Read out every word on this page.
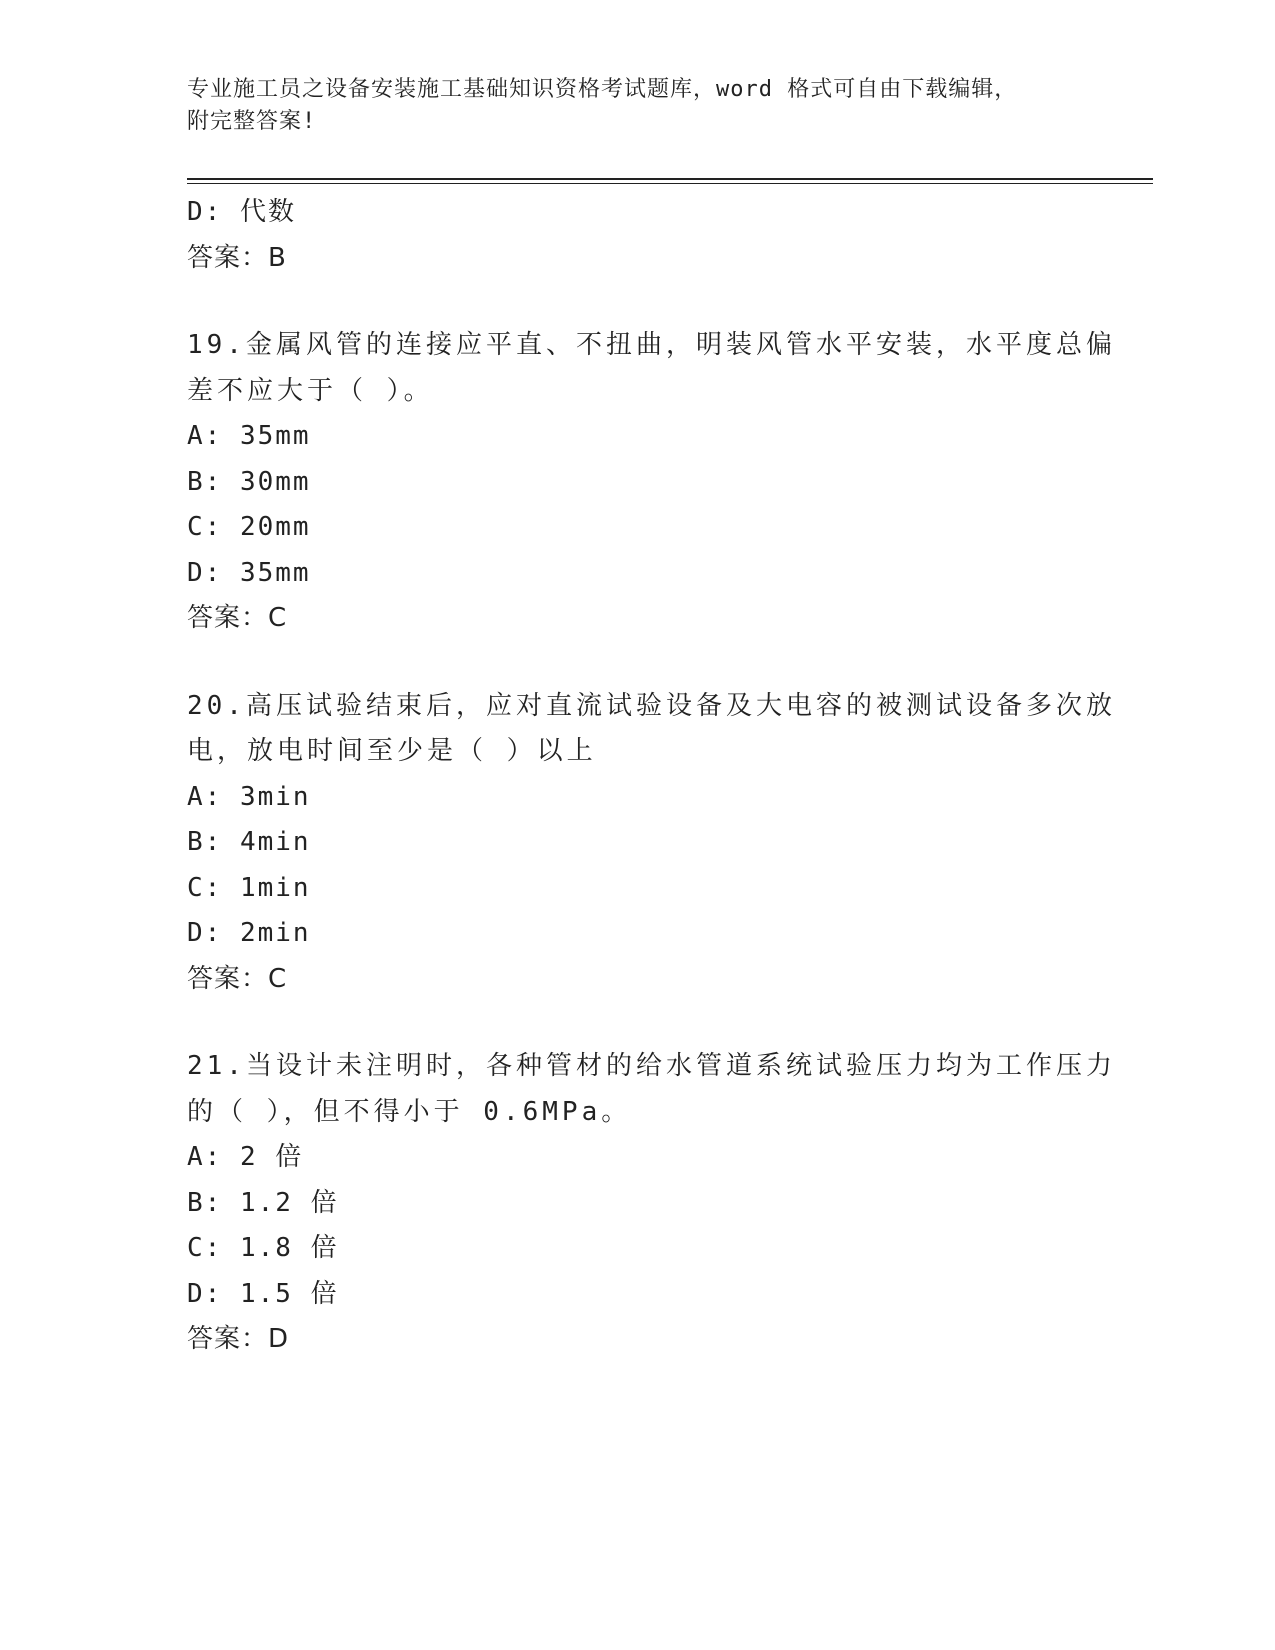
专业施工员之设备安装施工基础知识资格考试题库，word 格式可自由下载编辑，
附完整答案!
D: 代数
答案：B
19.金属风管的连接应平直、不扭曲，明装风管水平安装，水平度总偏
差不应大于（ ）。
A: 35mm
B: 30mm
C: 20mm
D: 35mm
答案：C
20.高压试验结束后，应对直流试验设备及大电容的被测试设备多次放
电，放电时间至少是（ ）以上
A: 3min
B: 4min
C: 1min
D: 2min
答案：C
21.当设计未注明时，各种管材的给水管道系统试验压力均为工作压力
的（ ），但不得小于 0.6MPa。
A: 2 倍
B: 1.2 倍
C: 1.8 倍
D: 1.5 倍
答案：D
